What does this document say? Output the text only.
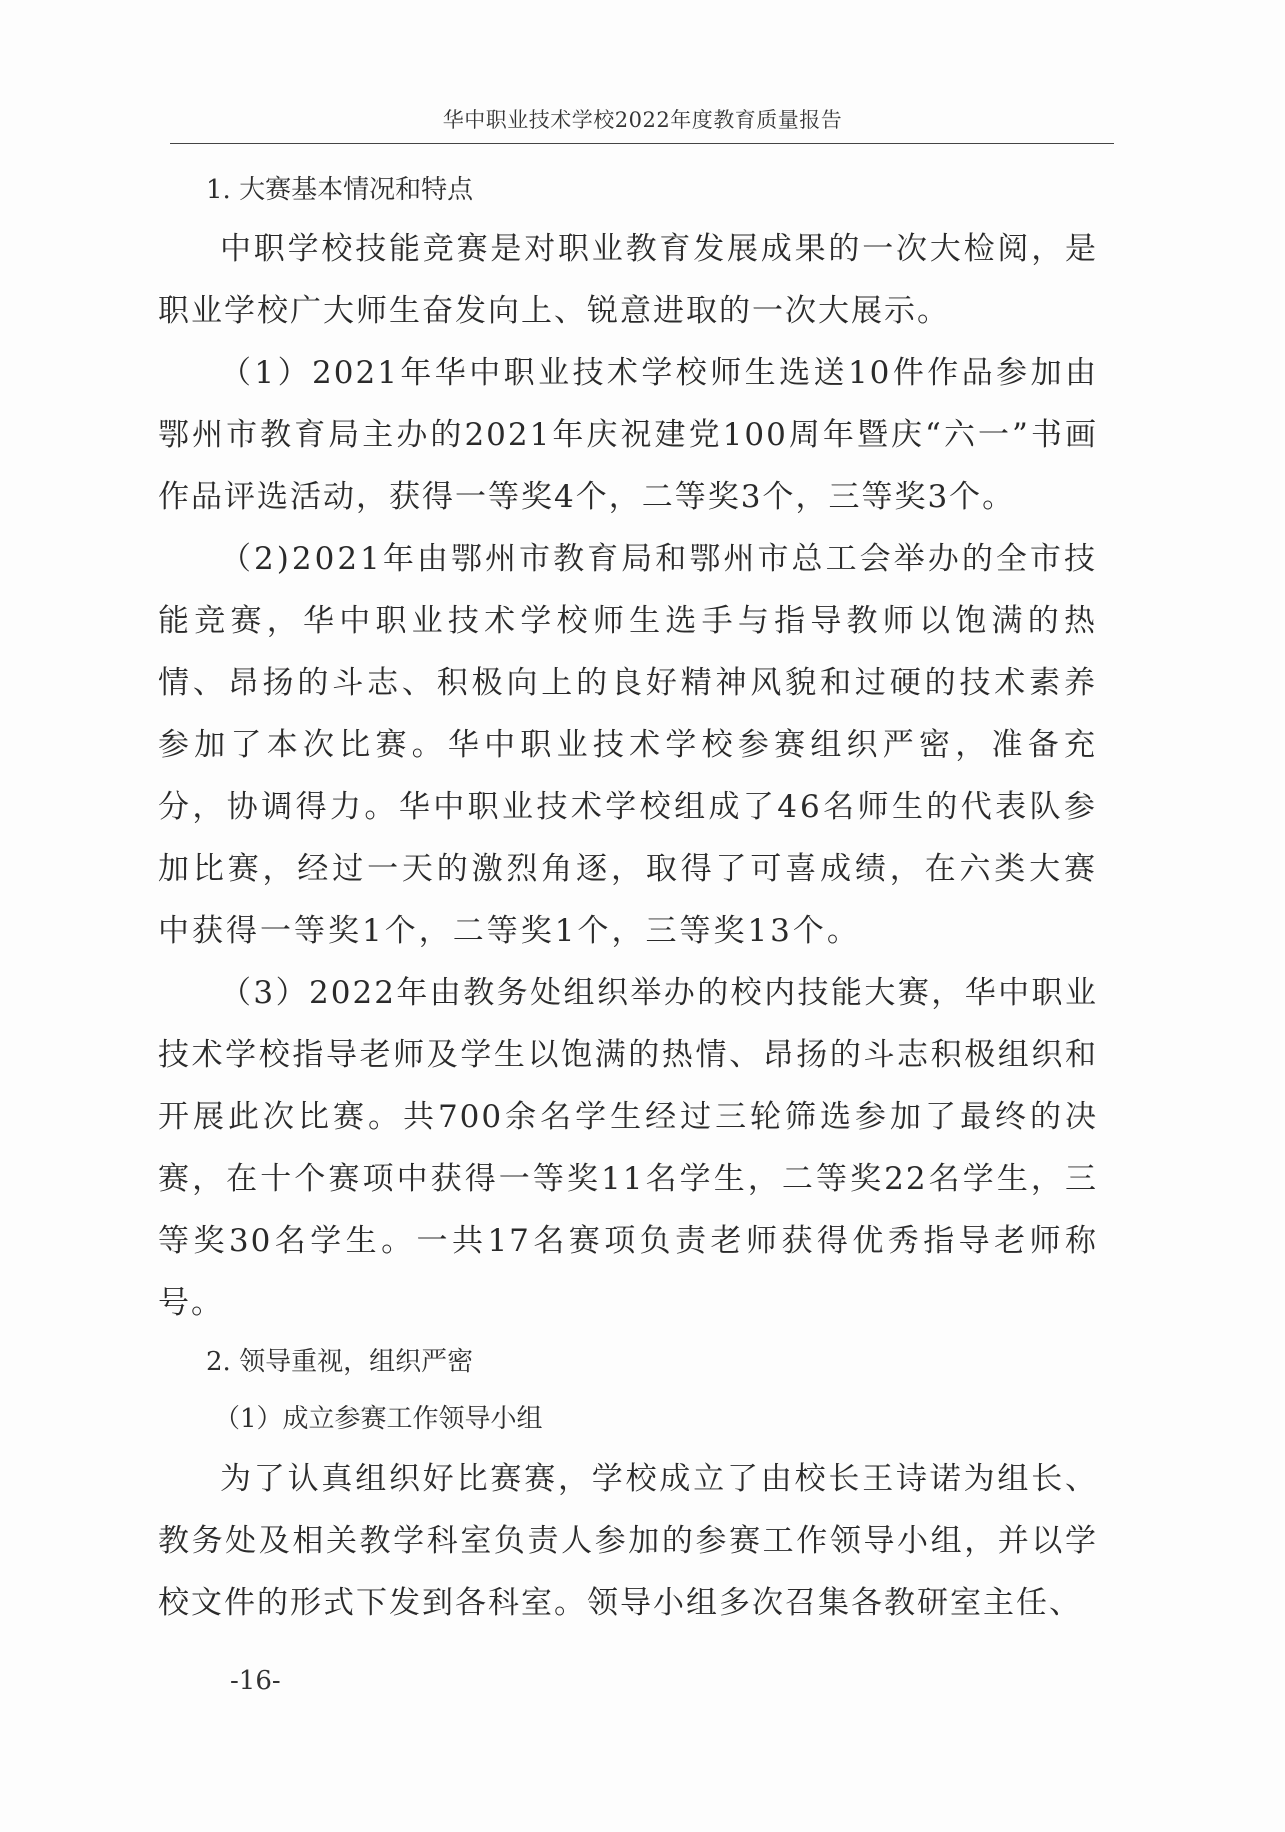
华中职业技术学校2022年度教育质量报告

1. 大赛基本情况和特点

中职学校技能竞赛是对职业教育发展成果的一次大检阅，是职业学校广大师生奋发向上、锐意进取的一次大展示。

（1）2021年华中职业技术学校师生选送10件作品参加由鄂州市教育局主办的2021年庆祝建党100周年暨庆“六一”书画作品评选活动，获得一等奖4个，二等奖3个，三等奖3个。

（2)2021年由鄂州市教育局和鄂州市总工会举办的全市技能竞赛，华中职业技术学校师生选手与指导教师以饱满的热情、昂扬的斗志、积极向上的良好精神风貌和过硬的技术素养参加了本次比赛。华中职业技术学校参赛组织严密，准备充分，协调得力。华中职业技术学校组成了46名师生的代表队参加比赛，经过一天的激烈角逐，取得了可喜成绩，在六类大赛中获得一等奖1个，二等奖1个，三等奖13个。

（3）2022年由教务处组织举办的校内技能大赛，华中职业技术学校指导老师及学生以饱满的热情、昂扬的斗志积极组织和开展此次比赛。共700余名学生经过三轮筛选参加了最终的决赛，在十个赛项中获得一等奖11名学生，二等奖22名学生，三等奖30名学生。一共17名赛项负责老师获得优秀指导老师称号。

2. 领导重视，组织严密

（1）成立参赛工作领导小组

为了认真组织好比赛赛，学校成立了由校长王诗诺为组长、教务处及相关教学科室负责人参加的参赛工作领导小组，并以学校文件的形式下发到各科室。领导小组多次召集各教研室主任、

-16-
